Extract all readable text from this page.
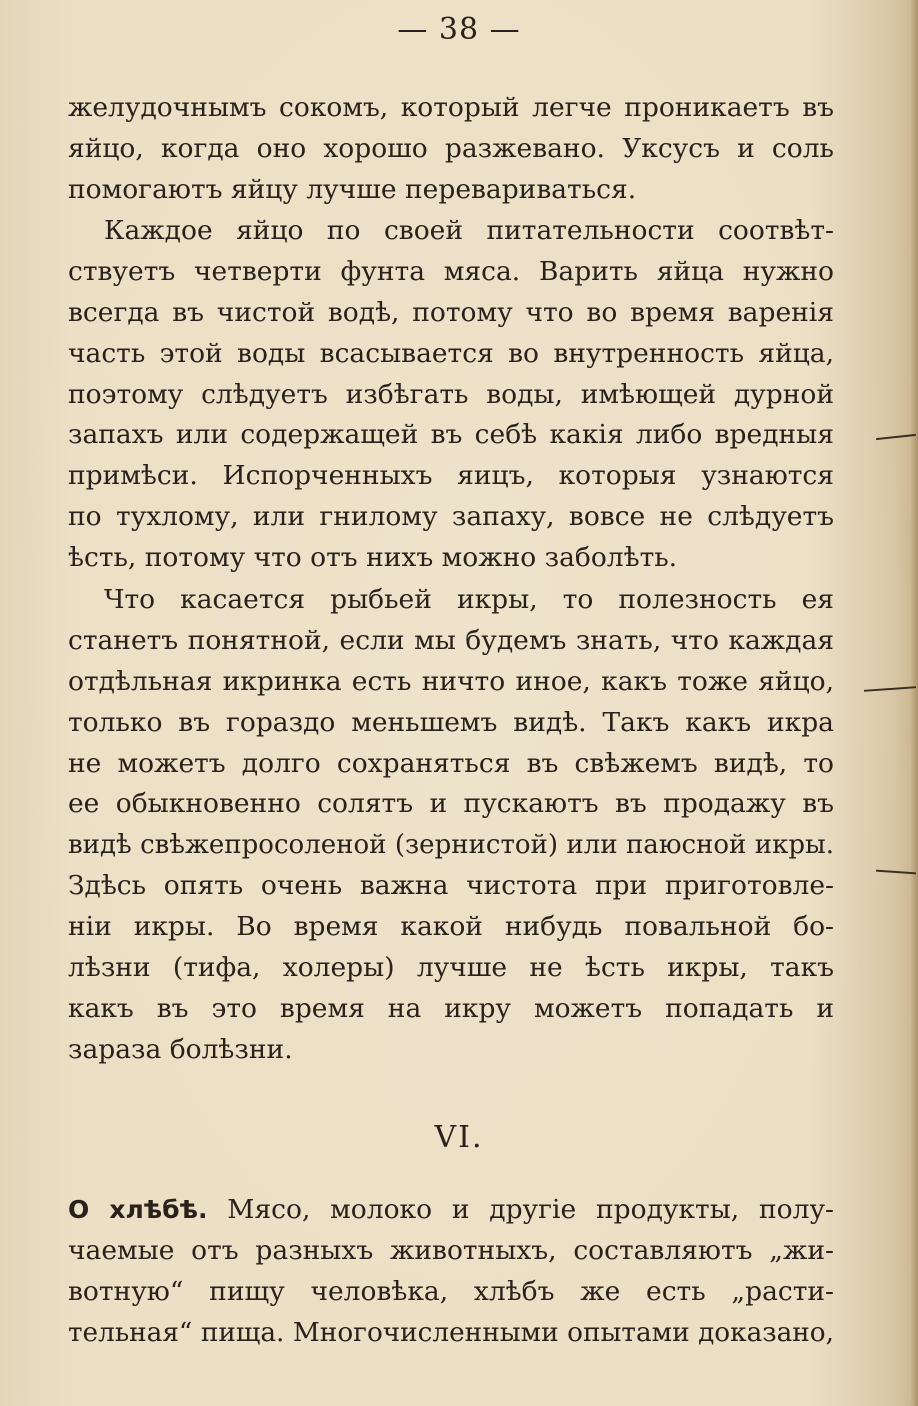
— 38 —
желудочнымъ сокомъ, который легче проникаетъ въ
яйцо, когда оно хорошо разжевано. Уксусъ и соль
помогаютъ яйцу лучше перевариваться.
Каждое яйцо по своей питательности соотвѣт-
ствуетъ четверти фунта мяса. Варить яйца нужно
всегда въ чистой водѣ, потому что во время варенія
часть этой воды всасывается во внутренность яйца,
поэтому слѣдуетъ избѣгать воды, имѣющей дурной
запахъ или содержащей въ себѣ какія либо вредныя
примѣси. Испорченныхъ яицъ, которыя узнаются
по тухлому, или гнилому запаху, вовсе не слѣдуетъ
ѣсть, потому что отъ нихъ можно заболѣть.
Что касается рыбьей икры, то полезность ея
станетъ понятной, если мы будемъ знать, что каждая
отдѣльная икринка есть ничто иное, какъ тоже яйцо,
только въ гораздо меньшемъ видѣ. Такъ какъ икра
не можетъ долго сохраняться въ свѣжемъ видѣ, то
ее обыкновенно солятъ и пускаютъ въ продажу въ
видѣ свѣжепросоленой (зернистой) или паюсной икры.
Здѣсь опять очень важна чистота при приготовле-
ніи икры. Во время какой нибудь повальной бо-
лѣзни (тифа, холеры) лучше не ѣсть икры, такъ
какъ въ это время на икру можетъ попадать и
зараза болѣзни.
VI.
О хлѣбѣ. Мясо, молоко и другіе продукты, полу-
чаемые отъ разныхъ животныхъ, составляютъ „жи-
вотную“ пищу человѣка, хлѣбъ же есть „расти-
тельная“ пища. Многочисленными опытами доказано,
